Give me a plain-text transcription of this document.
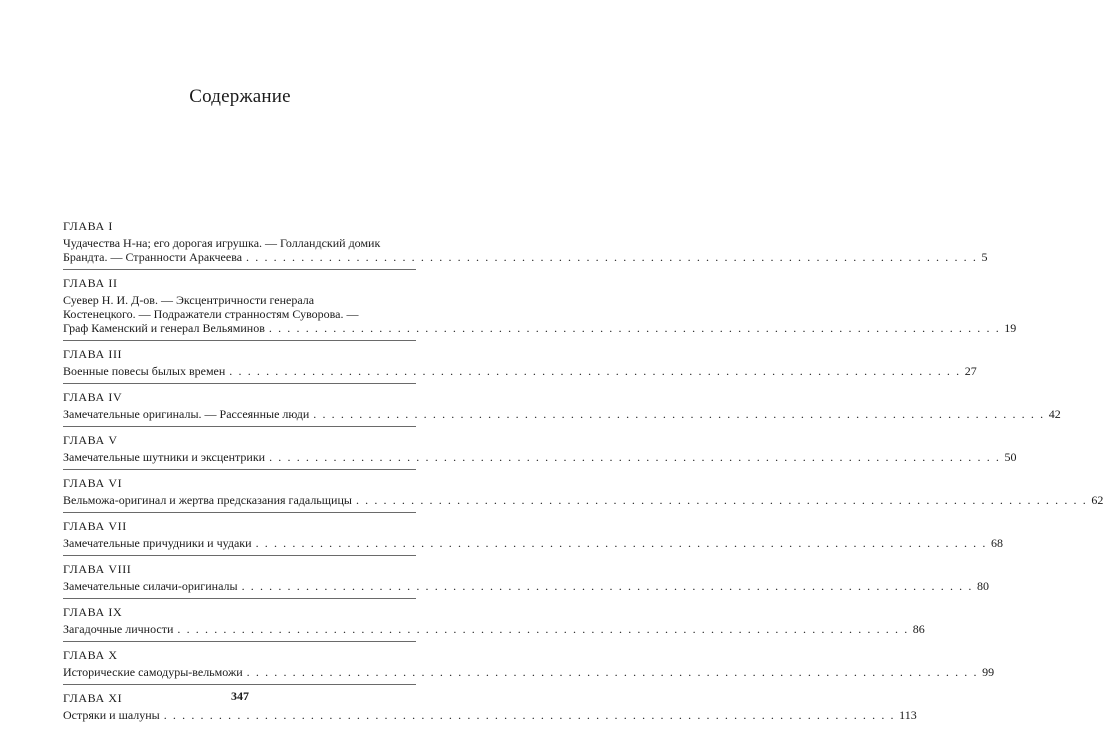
Содержание
ГЛАВА I
Чудачества Н-на; его дорогая игрушка. — Голландский домик
Брандта. — Странности Аракчеева . . . . . . . . . . . . . . . . . . . . . . . . . . . . . . . . . . . . . . . . . . . . . . . . . . . . . . . . . . . . . . . . . . . . . . . . . . . . . . . . 5
ГЛАВА II
Суевер Н. И. Д-ов. — Эксцентричности генерала
Костенецкого. — Подражатели странностям Суворова. —
Граф Каменский и генерал Вельяминов . . . . . . . . . . . . . . . . . . . . . . . . . . . . . . . . . . . . . . . . . . . . . . . . . . . . . . . . . . . . . . . . . . . . . . . . . . . . . . . . 19
ГЛАВА III
Военные повесы былых времен . . . . . . . . . . . . . . . . . . . . . . . . . . . . . . . . . . . . . . . . . . . . . . . . . . . . . . . . . . . . . . . . . . . . . . . . . . . . . . . . 27
ГЛАВА IV
Замечательные оригиналы. — Рассеянные люди . . . . . . . . . . . . . . . . . . . . . . . . . . . . . . . . . . . . . . . . . . . . . . . . . . . . . . . . . . . . . . . . . . . . . . . . . . . . . . . . 42
ГЛАВА V
Замечательные шутники и эксцентрики . . . . . . . . . . . . . . . . . . . . . . . . . . . . . . . . . . . . . . . . . . . . . . . . . . . . . . . . . . . . . . . . . . . . . . . . . . . . . . . . 50
ГЛАВА VI
Вельможа-оригинал и жертва предсказания гадальщицы . . . . . . . . . . . . . . . . . . . . . . . . . . . . . . . . . . . . . . . . . . . . . . . . . . . . . . . . . . . . . . . . . . . . . . . . . . . . . . . . 62
ГЛАВА VII
Замечательные причудники и чудаки . . . . . . . . . . . . . . . . . . . . . . . . . . . . . . . . . . . . . . . . . . . . . . . . . . . . . . . . . . . . . . . . . . . . . . . . . . . . . . . . 68
ГЛАВА VIII
Замечательные силачи-оригиналы . . . . . . . . . . . . . . . . . . . . . . . . . . . . . . . . . . . . . . . . . . . . . . . . . . . . . . . . . . . . . . . . . . . . . . . . . . . . . . . . 80
ГЛАВА IX
Загадочные личности . . . . . . . . . . . . . . . . . . . . . . . . . . . . . . . . . . . . . . . . . . . . . . . . . . . . . . . . . . . . . . . . . . . . . . . . . . . . . . . . 86
ГЛАВА X
Исторические самодуры-вельможи . . . . . . . . . . . . . . . . . . . . . . . . . . . . . . . . . . . . . . . . . . . . . . . . . . . . . . . . . . . . . . . . . . . . . . . . . . . . . . . . 99
ГЛАВА XI
Остряки и шалуны . . . . . . . . . . . . . . . . . . . . . . . . . . . . . . . . . . . . . . . . . . . . . . . . . . . . . . . . . . . . . . . . . . . . . . . . . . . . . . . . 113
347
